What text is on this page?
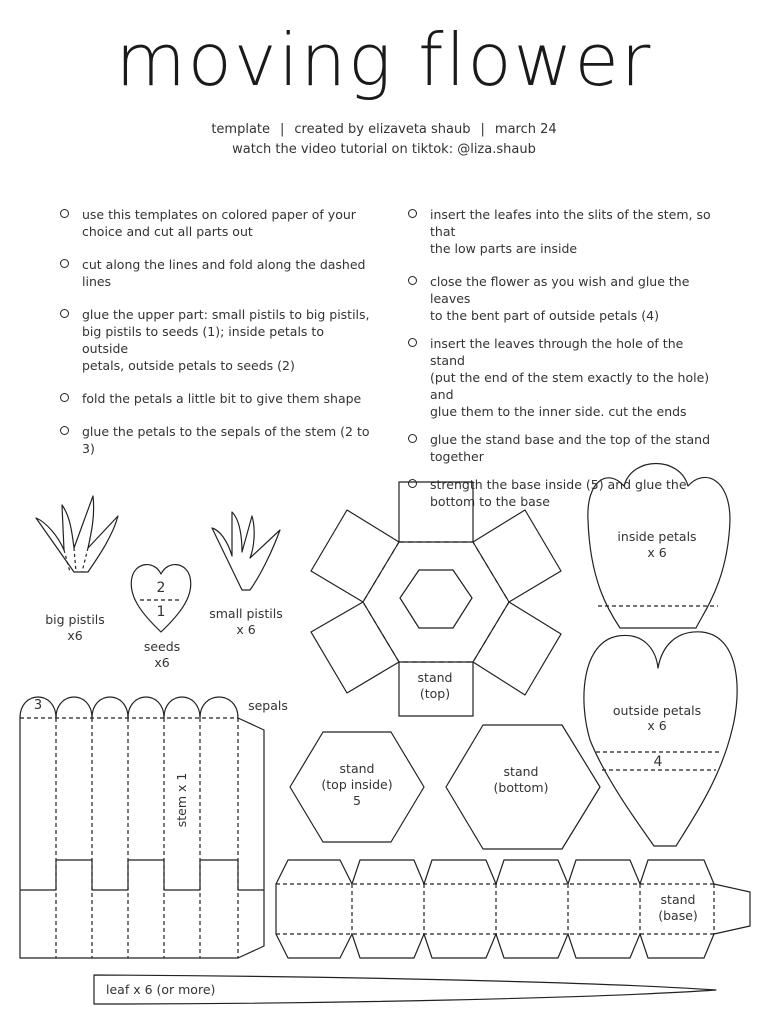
moving flower
template | created by elizaveta shaub | march 24
watch the video tutorial on tiktok: @liza.shaub
use this templates on colored paper of your
choice and cut all parts out
cut along the lines and fold along the dashed
lines
glue the upper part: small pistils to big pistils,
big pistils to seeds (1); inside petals to outside
petals, outside petals to seeds (2)
fold the petals a little bit to give them shape
glue the petals to the sepals of the stem (2 to 3)
insert the leafes into the slits of the stem, so that
the low parts are inside
close the flower as you wish and glue the leaves
to the bent part of outside petals (4)
insert the leaves through the hole of the stand
(put the end of the stem exactly to the hole) and
glue them to the inner side. cut the ends
glue the stand base and the top of the stand
together
strength the base inside (5) and glue the
bottom to the base
big pistils
x6
2
1
seeds
x6
small pistils
x 6
stand
(top)
inside petals
x 6
outside petals
x 6
4
sepals
3
stem x 1
stand
(top inside)
5
stand
(bottom)
stand
(base)
leaf x 6 (or more)
